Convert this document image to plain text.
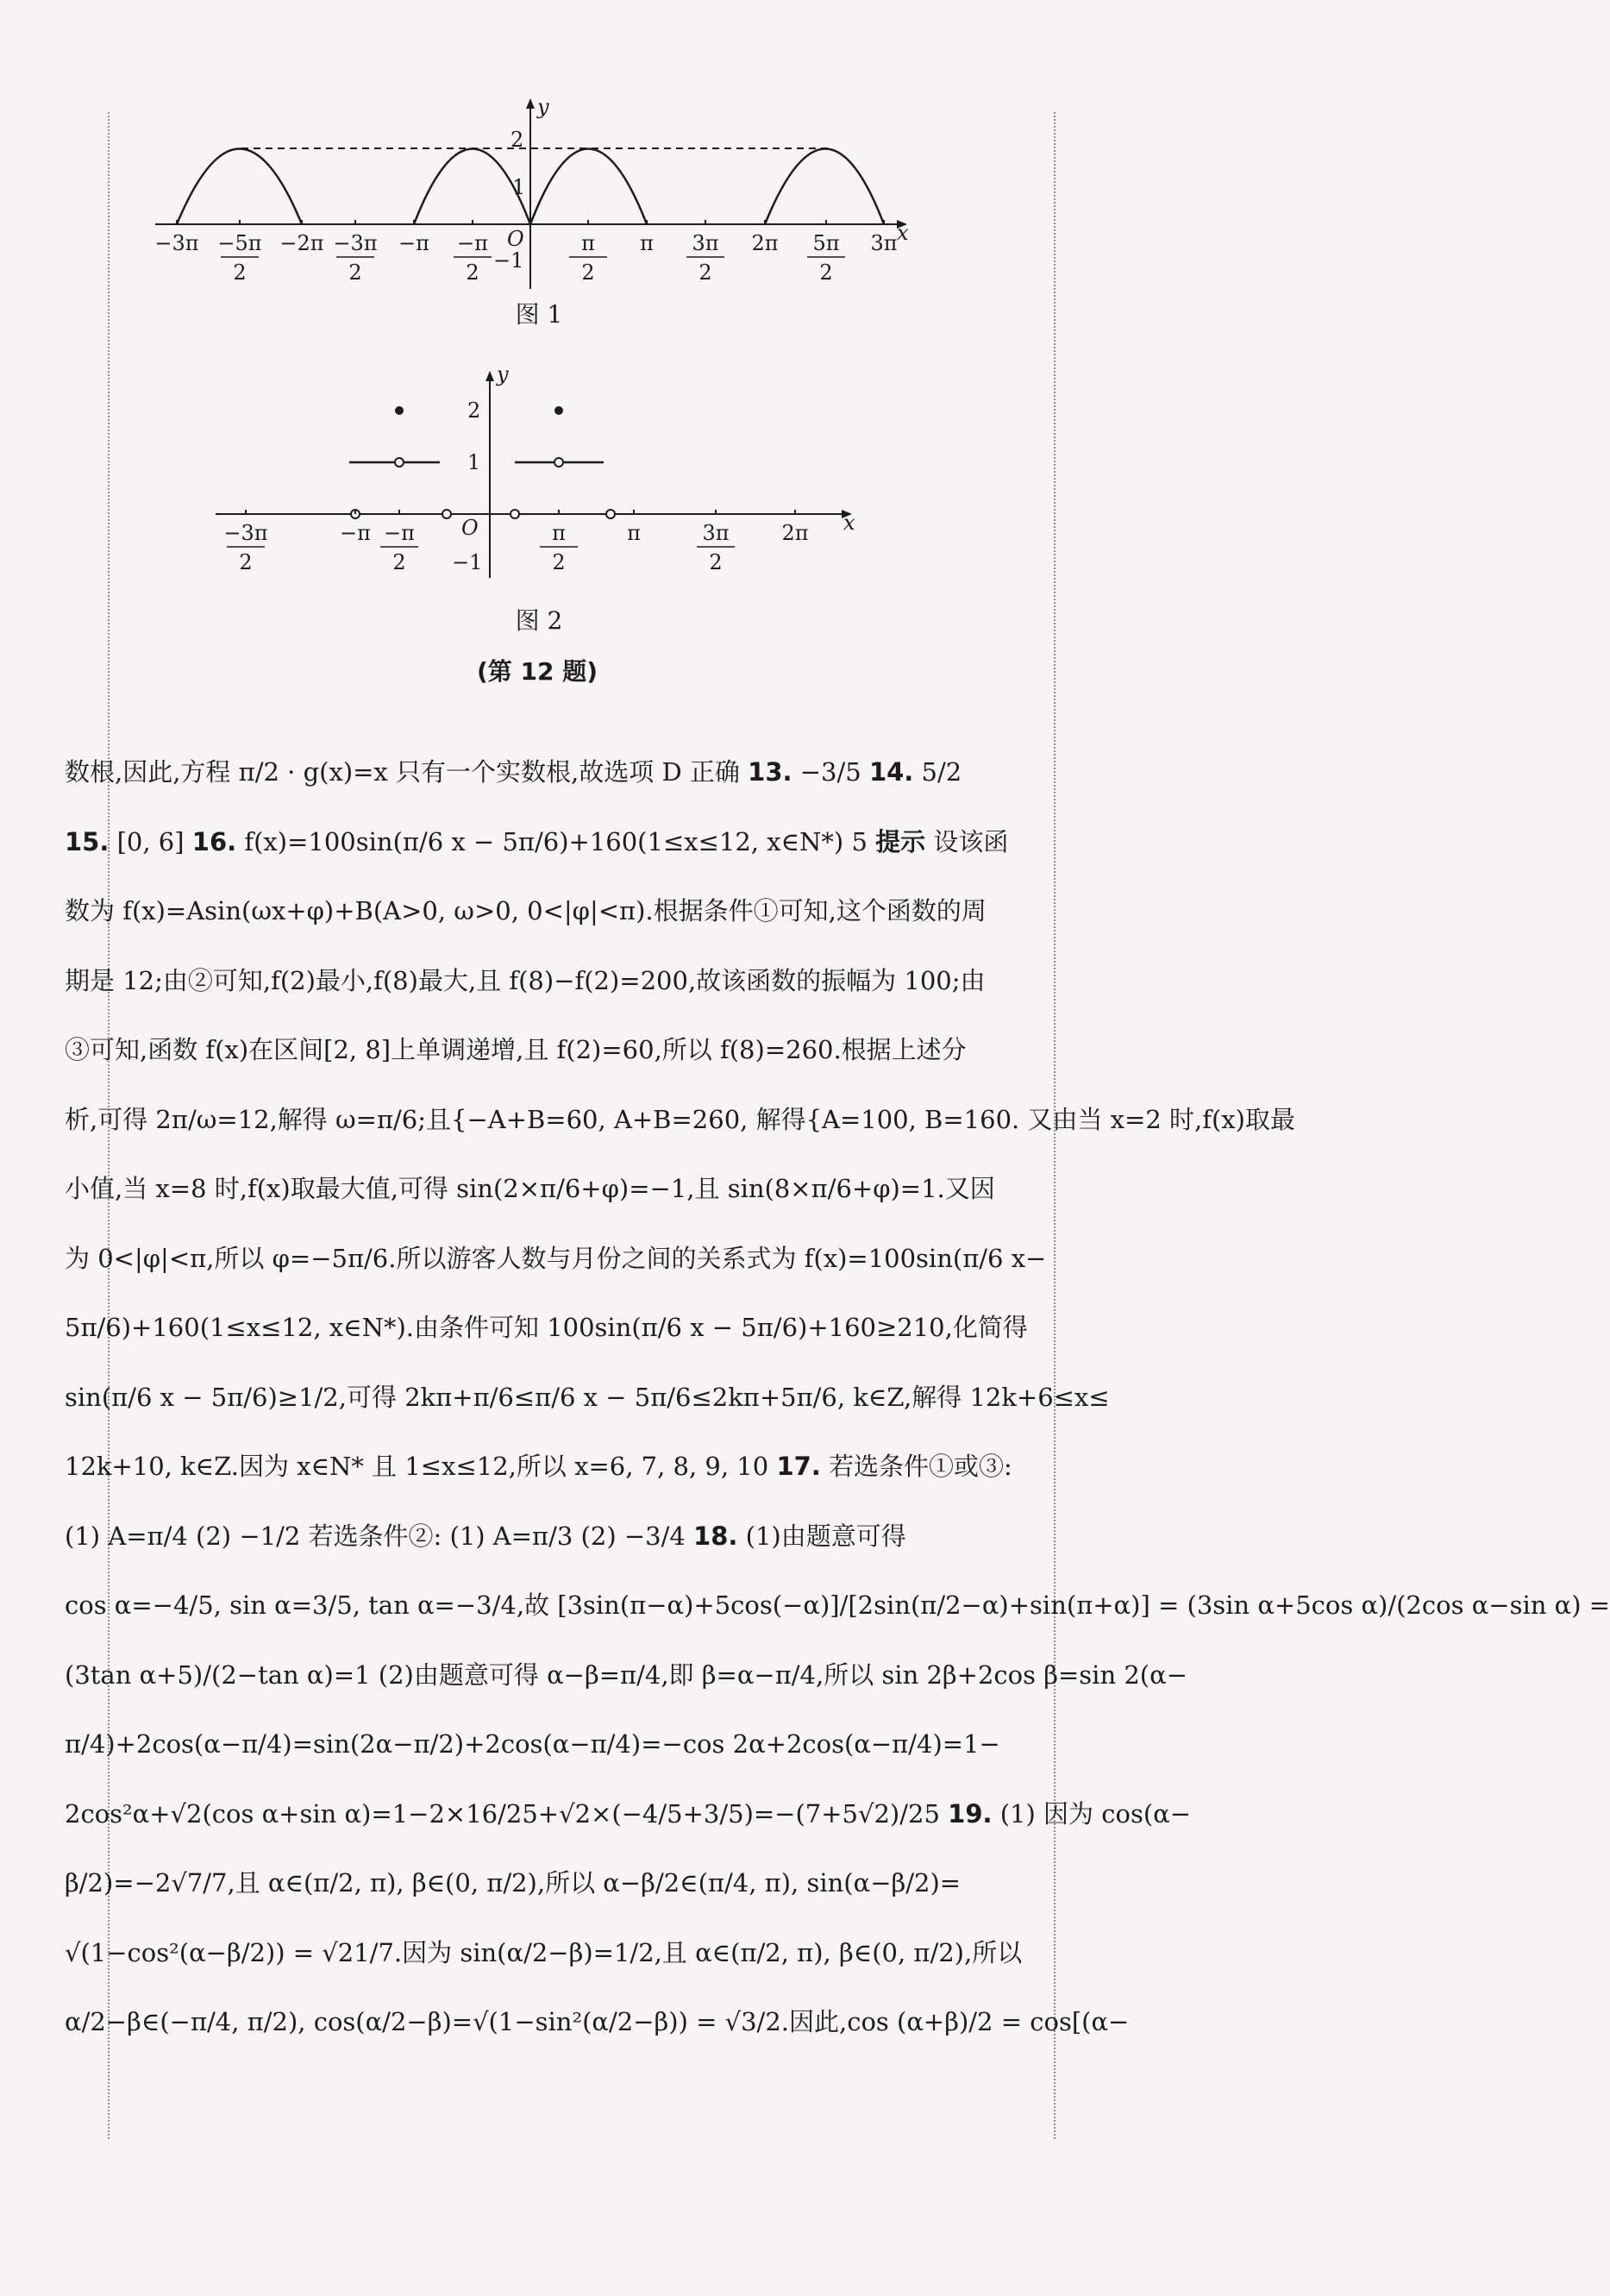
y
x
O
2
1
−1
−3π −5π
2
−2π −3π
2
−π −π
2
π
2
π 3π
2
2π 5π
2
3π
图 1
y
x
O
2
1
−1
−3π
2
−π −π
2
π
2
π	3π
2
2π
图 2
(第 12 题)
数根,因此,方程 π/2 · g(x)=x 只有一个实数根,故选项 D 正确 13. −3/5 14. 5/2
15. [0, 6] 16. f(x)=100sin(π/6 x − 5π/6)+160(1≤x≤12, x∈N*) 5 提示 设该函
数为 f(x)=Asin(ωx+φ)+B(A>0, ω>0, 0<|φ|<π).根据条件①可知,这个函数的周
期是 12;由②可知,f(2)最小,f(8)最大,且 f(8)−f(2)=200,故该函数的振幅为 100;由
③可知,函数 f(x)在区间[2, 8]上单调递增,且 f(2)=60,所以 f(8)=260.根据上述分
析,可得 2π/ω=12,解得 ω=π/6;且{−A+B=60, A+B=260, 解得{A=100, B=160. 又由当 x=2 时,f(x)取最
小值,当 x=8 时,f(x)取最大值,可得 sin(2×π/6+φ)=−1,且 sin(8×π/6+φ)=1.又因
为 0<|φ|<π,所以 φ=−5π/6.所以游客人数与月份之间的关系式为 f(x)=100sin(π/6 x−
5π/6)+160(1≤x≤12, x∈N*).由条件可知 100sin(π/6 x − 5π/6)+160≥210,化简得
sin(π/6 x − 5π/6)≥1/2,可得 2kπ+π/6≤π/6 x − 5π/6≤2kπ+5π/6, k∈Z,解得 12k+6≤x≤
12k+10, k∈Z.因为 x∈N* 且 1≤x≤12,所以 x=6, 7, 8, 9, 10 17. 若选条件①或③:
(1) A=π/4 (2) −1/2 若选条件②: (1) A=π/3 (2) −3/4 18. (1)由题意可得
cos α=−4/5, sin α=3/5, tan α=−3/4,故 [3sin(π−α)+5cos(−α)]/[2sin(π/2−α)+sin(π+α)] = (3sin α+5cos α)/(2cos α−sin α) =
(3tan α+5)/(2−tan α)=1 (2)由题意可得 α−β=π/4,即 β=α−π/4,所以 sin 2β+2cos β=sin 2(α−
π/4)+2cos(α−π/4)=sin(2α−π/2)+2cos(α−π/4)=−cos 2α+2cos(α−π/4)=1−
2cos²α+√2(cos α+sin α)=1−2×16/25+√2×(−4/5+3/5)=−(7+5√2)/25 19. (1) 因为 cos(α−
β/2)=−2√7/7,且 α∈(π/2, π), β∈(0, π/2),所以 α−β/2∈(π/4, π), sin(α−β/2)=
√(1−cos²(α−β/2)) = √21/7.因为 sin(α/2−β)=1/2,且 α∈(π/2, π), β∈(0, π/2),所以
α/2−β∈(−π/4, π/2), cos(α/2−β)=√(1−sin²(α/2−β)) = √3/2.因此,cos (α+β)/2 = cos[(α−
